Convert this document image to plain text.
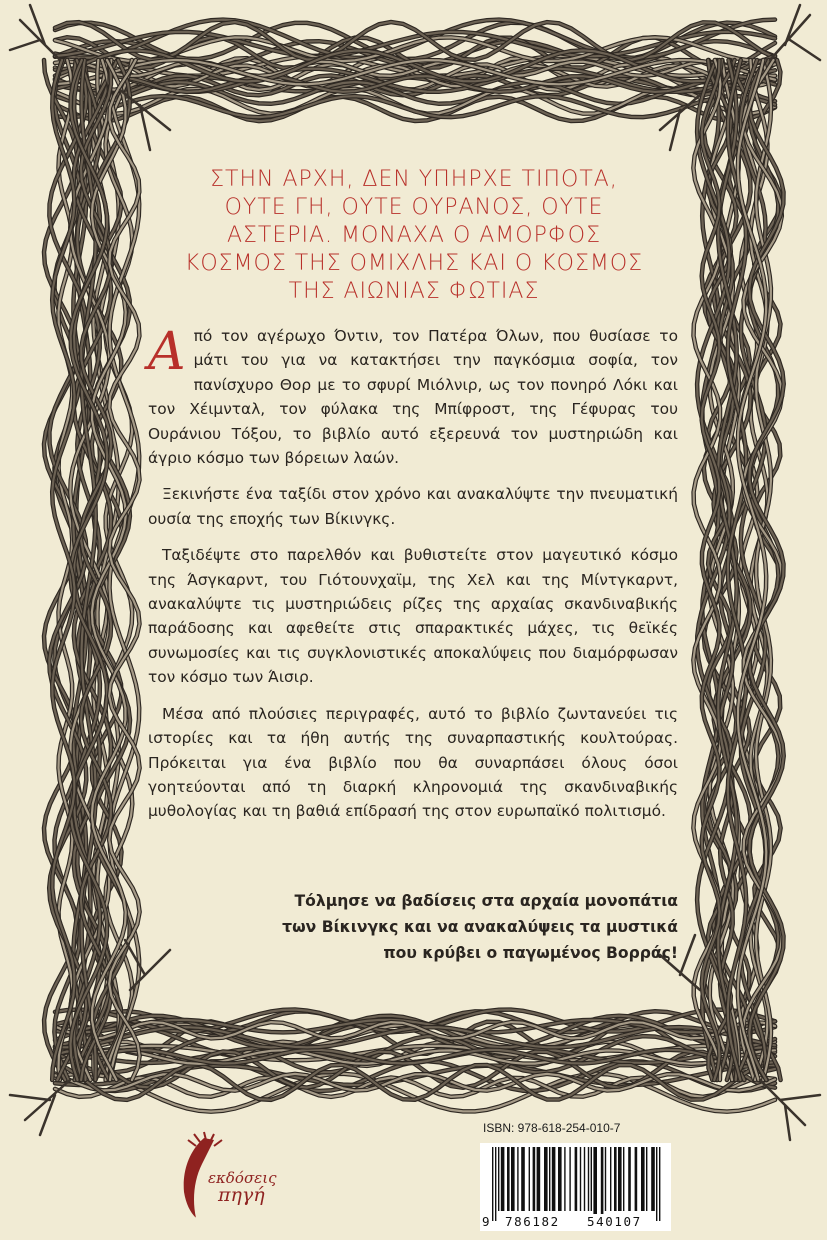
ΣΤΗΝ ΑΡΧΗ, ΔΕΝ ΥΠΗΡΧΕ ΤΙΠΟΤΑ,
ΟΥΤΕ ΓΗ, ΟΥΤΕ ΟΥΡΑΝΟΣ, ΟΥΤΕ
ΑΣΤΕΡΙΑ. ΜΟΝΑΧΑ Ο ΑΜΟΡΦΟΣ
ΚΟΣΜΟΣ ΤΗΣ ΟΜΙΧΛΗΣ ΚΑΙ Ο ΚΟΣΜΟΣ
ΤΗΣ ΑΙΩΝΙΑΣ ΦΩΤΙΑΣ

Από τον αγέρωχο Όντιν, τον Πατέρα Όλων, που θυσίασε το μάτι του για να κατακτήσει την παγκόσμια σοφία, τον πανίσχυρο Θορ με το σφυρί Μιόλνιρ, ως τον πονηρό Λόκι και τον Χέιμνταλ, τον φύλακα της Μπίφροστ, της Γέφυρας του Ουράνιου Τόξου, το βιβλίο αυτό εξερευνά τον μυστηριώδη και άγριο κόσμο των βόρειων λαών.

Ξεκινήστε ένα ταξίδι στον χρόνο και ανακαλύψτε την πνευματική ουσία της εποχής των Βίκινγκς.

Ταξιδέψτε στο παρελθόν και βυθιστείτε στον μαγευτικό κόσμο της Άσγκαρντ, του Γιότουνχαϊμ, της Χελ και της Μίντγκαρντ, ανακαλύψτε τις μυστηριώδεις ρίζες της αρχαίας σκανδιναβικής παράδοσης και αφεθείτε στις σπαρακτικές μάχες, τις θεϊκές συνωμοσίες και τις συγκλονιστικές αποκαλύψεις που διαμόρφωσαν τον κόσμο των Άισιρ.

Μέσα από πλούσιες περιγραφές, αυτό το βιβλίο ζωντανεύει τις ιστορίες και τα ήθη αυτής της συναρπαστικής κουλτούρας. Πρόκειται για ένα βιβλίο που θα συναρπάσει όλους όσοι γοητεύονται από τη διαρκή κληρονομιά της σκανδιναβικής μυθολογίας και τη βαθιά επίδρασή της στον ευρωπαϊκό πολιτισμό.

Τόλμησε να βαδίσεις στα αρχαία μονοπάτια
των Βίκινγκς και να ανακαλύψεις τα μυστικά
που κρύβει ο παγωμένος Βορράς!
εκδόσεις
πηγή
ISBN: 978-618-254-010-7
9 786182 540107
